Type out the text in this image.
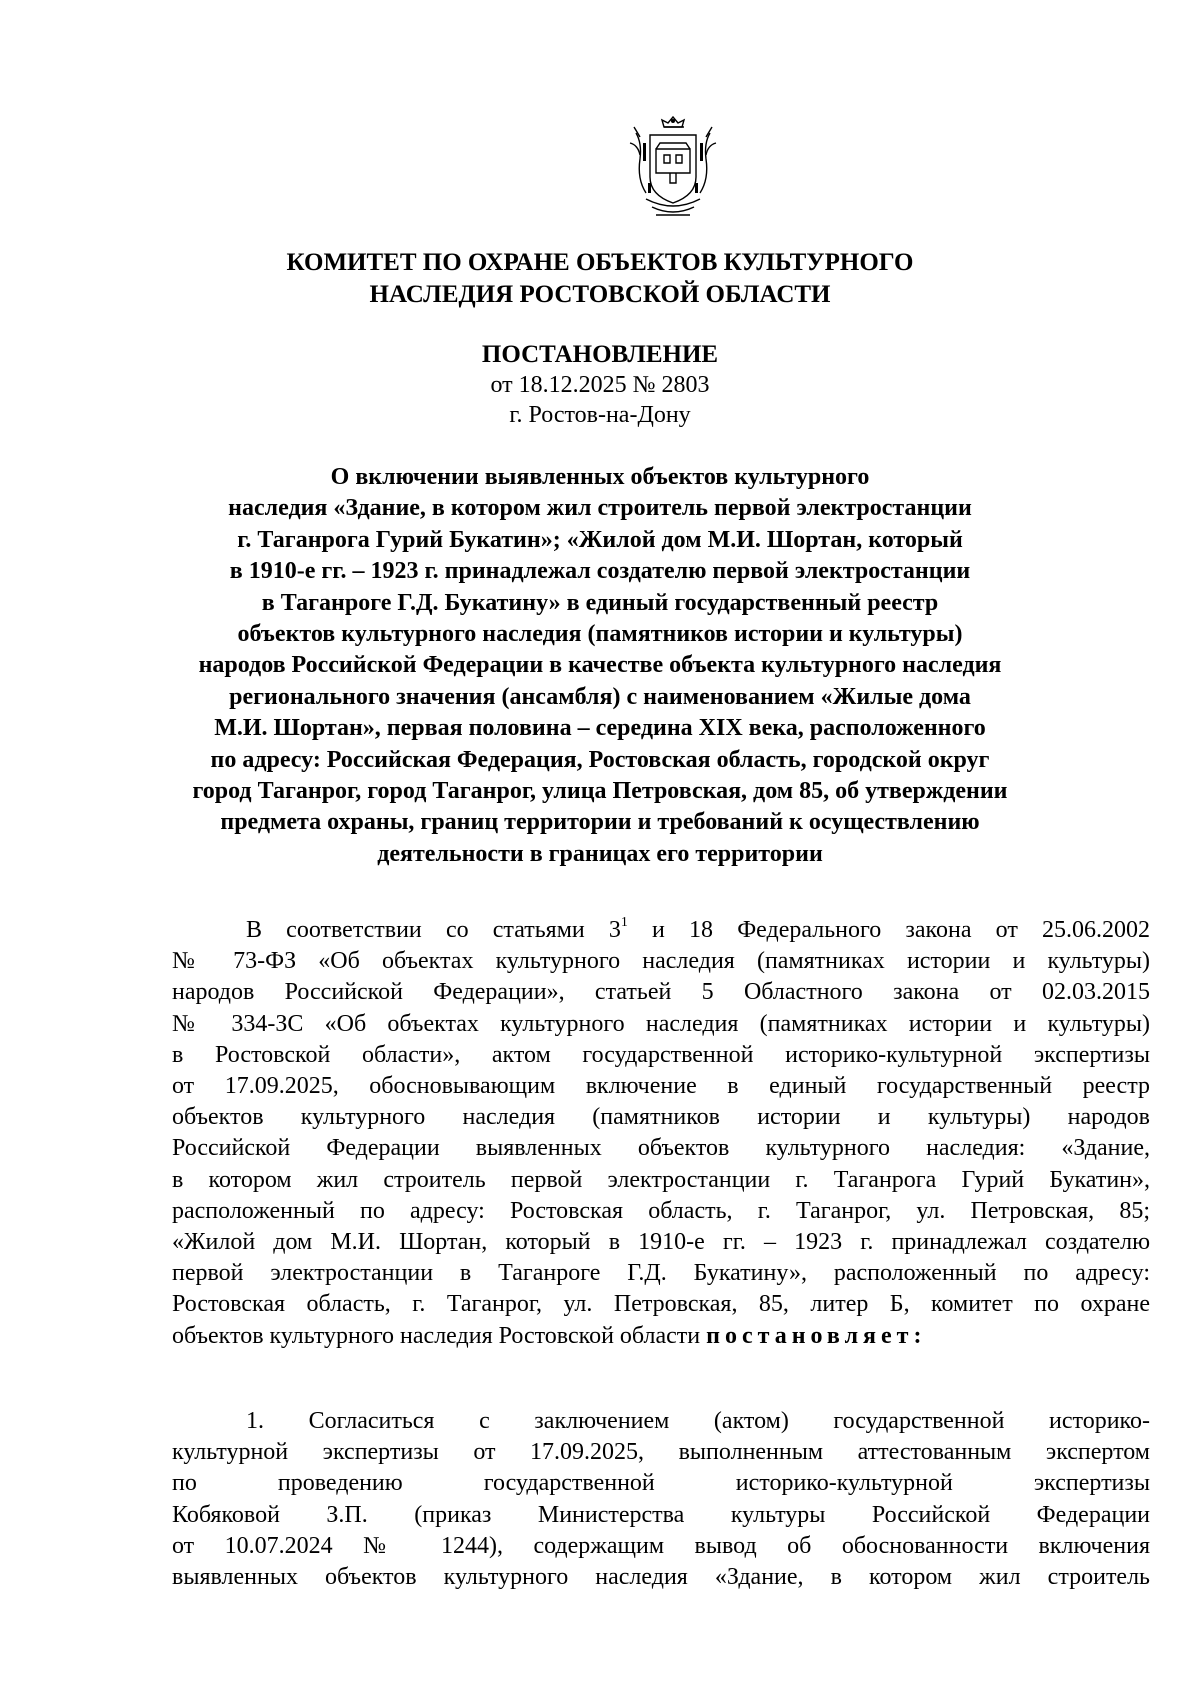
КОМИТЕТ ПО ОХРАНЕ ОБЪЕКТОВ КУЛЬТУРНОГО
НАСЛЕДИЯ РОСТОВСКОЙ ОБЛАСТИ
ПОСТАНОВЛЕНИЕ
от 18.12.2025 № 2803
г. Ростов-на-Дону
О включении выявленных объектов культурного
наследия «Здание, в котором жил строитель первой электростанции
г. Таганрога Гурий Букатин»; «Жилой дом М.И. Шортан, который
в 1910-е гг. – 1923 г. принадлежал создателю первой электростанции
в Таганроге Г.Д. Букатину» в единый государственный реестр
объектов культурного наследия (памятников истории и культуры)
народов Российской Федерации в качестве объекта культурного наследия
регионального значения (ансамбля) с наименованием «Жилые дома
М.И. Шортан», первая половина – середина XIX века, расположенного
по адресу: Российская Федерация, Ростовская область, городской округ
город Таганрог, город Таганрог, улица Петровская, дом 85, об утверждении
предмета охраны, границ территории и требований к осуществлению
деятельности в границах его территории
В соответствии со статьями $3^1$ и 18 Федерального закона от 25.06.2002
№ 73-ФЗ «Об объектах культурного наследия (памятниках истории и культуры)
народов Российской Федерации», статьей 5 Областного закона от 02.03.2015
№ 334-ЗС «Об объектах культурного наследия (памятниках истории и культуры)
в Ростовской области», актом государственной историко-культурной экспертизы
от 17.09.2025, обосновывающим включение в единый государственный реестр
объектов культурного наследия (памятников истории и культуры) народов
Российской Федерации выявленных объектов культурного наследия: «Здание,
в котором жил строитель первой электростанции г. Таганрога Гурий Букатин»,
расположенный по адресу: Ростовская область, г. Таганрог, ул. Петровская, 85;
«Жилой дом М.И. Шортан, который в 1910-е гг. – 1923 г. принадлежал создателю
первой электростанции в Таганроге Г.Д. Букатину», расположенный по адресу:
Ростовская область, г. Таганрог, ул. Петровская, 85, литер Б, комитет по охране
объектов культурного наследия Ростовской области постановляет:
1. Согласиться с заключением (актом) государственной историко-
культурной экспертизы от 17.09.2025, выполненным аттестованным экспертом
по проведению государственной историко-культурной экспертизы
Кобяковой З.П. (приказ Министерства культуры Российской Федерации
от 10.07.2024 № 1244), содержащим вывод об обоснованности включения
выявленных объектов культурного наследия «Здание, в котором жил строитель
